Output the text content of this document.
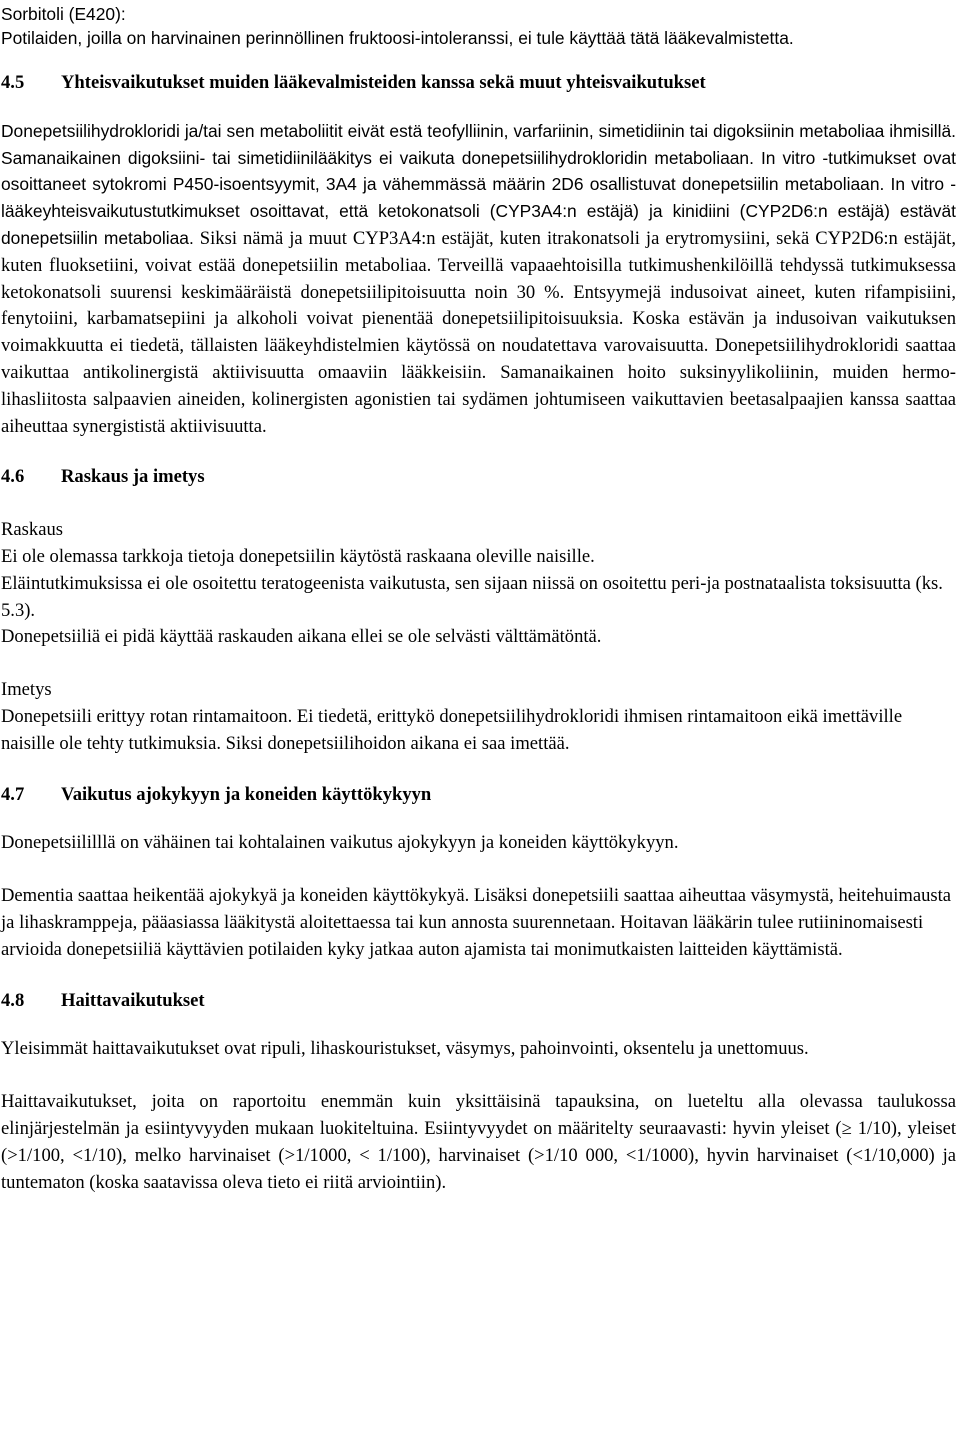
Sorbitoli (E420):

Potilaiden, joilla on harvinainen perinnöllinen fruktoosi-intoleranssi, ei tule käyttää tätä lääkevalmistetta.

4.5	Yhteisvaikutukset muiden lääkevalmisteiden kanssa sekä muut yhteisvaikutukset
Donepetsiilihydrokloridi ja/tai sen metaboliitit eivät estä teofylliinin, varfariinin, simetidiinin tai digoksiinin metaboliaa ihmisillä. Samanaikainen digoksiini- tai simetidiinilääkitys ei vaikuta donepetsiilihydrokloridin metaboliaan. In vitro -tutkimukset ovat osoittaneet sytokromi P450-isoentsyymit, 3A4 ja vähemmässä määrin 2D6 osallistuvat donepetsiilin metaboliaan. In vitro -lääkeyhteisvaikutustutkimukset osoittavat, että ketokonatsoli (CYP3A4:n estäjä) ja kinidiini (CYP2D6:n estäjä) estävät donepetsiilin metaboliaa. Siksi nämä ja muut CYP3A4:n estäjät, kuten itrakonatsoli ja erytromysiini, sekä CYP2D6:n estäjät, kuten fluoksetiini, voivat estää donepetsiilin metaboliaa. Terveillä vapaaehtoisilla tutkimushenkilöillä tehdyssä tutkimuksessa ketokonatsoli suurensi keskimääräistä donepetsiilipitoisuutta noin 30 %. Entsyymejä indusoivat aineet, kuten rifampisiini, fenytoiini, karbamatsepiini ja alkoholi voivat pienentää donepetsiilipitoisuuksia. Koska estävän ja indusoivan vaikutuksen voimakkuutta ei tiedetä, tällaisten lääkeyhdistelmien käytössä on noudatettava varovaisuutta. Donepetsiilihydrokloridi saattaa vaikuttaa antikolinergistä aktiivisuutta omaaviin lääkkeisiin. Samanaikainen hoito suksinyylikoliinin, muiden hermo-lihasliitosta salpaavien aineiden, kolinergisten agonistien tai sydämen johtumiseen vaikuttavien beetasalpaajien kanssa saattaa aiheuttaa synergististä aktiivisuutta.
4.6	Raskaus ja imetys

Raskaus

Ei ole olemassa tarkkoja tietoja donepetsiilin käytöstä raskaana oleville naisille.

Eläintutkimuksissa ei ole osoitettu teratogeenista vaikutusta, sen sijaan niissä on osoitettu peri-ja postnataalista toksisuutta (ks. 5.3).

Donepetsiiliä ei pidä käyttää raskauden aikana ellei se ole selvästi välttämätöntä.

Imetys

Donepetsiili erittyy rotan rintamaitoon. Ei tiedetä, erittykö donepetsiilihydrokloridi ihmisen rintamaitoon eikä imettäville naisille ole tehty tutkimuksia. Siksi donepetsiilihoidon aikana ei saa imettää.

4.7	Vaikutus ajokykyyn ja koneiden käyttökykyyn

Donepetsiililllä on vähäinen tai kohtalainen vaikutus ajokykyyn ja koneiden käyttökykyyn.

Dementia saattaa heikentää ajokykyä ja koneiden käyttökykyä. Lisäksi donepetsiili saattaa aiheuttaa väsymystä, heitehuimausta ja lihaskramppeja, pääasiassa lääkitystä aloitettaessa tai kun annosta suurennetaan. Hoitavan lääkärin tulee rutiininomaisesti arvioida donepetsiiliä käyttävien potilaiden kyky jatkaa auton ajamista tai monimutkaisten laitteiden käyttämistä.

4.8	Haittavaikutukset

Yleisimmät haittavaikutukset ovat ripuli, lihaskouristukset, väsymys, pahoinvointi, oksentelu ja unettomuus.

Haittavaikutukset, joita on raportoitu enemmän kuin yksittäisinä tapauksina, on lueteltu alla olevassa taulukossa elinjärjestelmän ja esiintyvyyden mukaan luokiteltuina. Esiintyvyydet on määritelty seuraavasti: hyvin yleiset (≥ 1/10), yleiset (>1/100, <1/10), melko harvinaiset (>1/1000, < 1/100), harvinaiset (>1/10 000, <1/1000), hyvin harvinaiset (<1/10,000) ja tuntematon (koska saatavissa oleva tieto ei riitä arviointiin).
